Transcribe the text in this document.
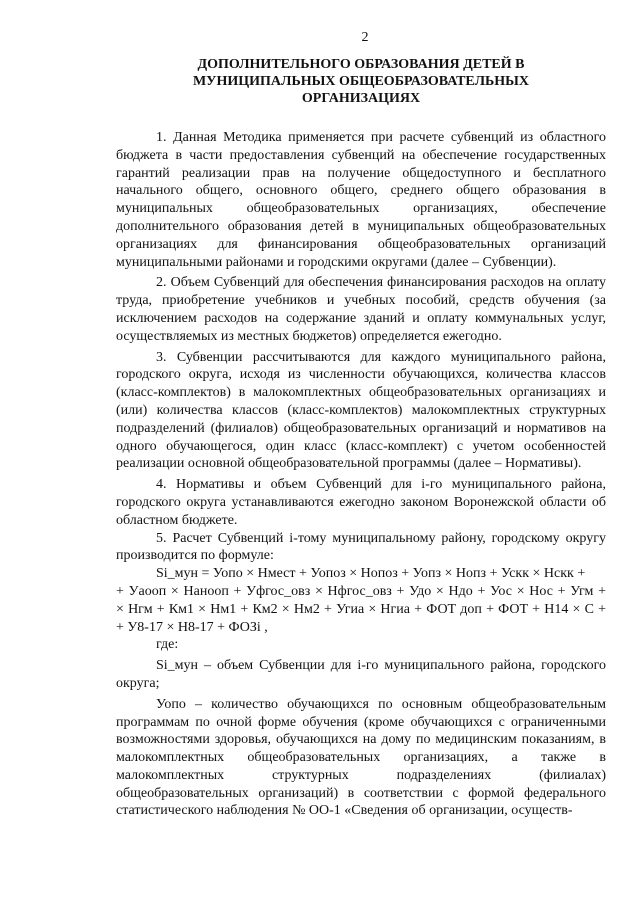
2
ДОПОЛНИТЕЛЬНОГО ОБРАЗОВАНИЯ ДЕТЕЙ В
МУНИЦИПАЛЬНЫХ ОБЩЕОБРАЗОВАТЕЛЬНЫХ
ОРГАНИЗАЦИЯХ

1. Данная Методика применяется при расчете субвенций из областного бюджета в части предоставления субвенций на обеспечение государственных гарантий реализации прав на получение общедоступного и бесплатного начального общего, основного общего, среднего общего образования в муниципальных общеобразовательных организациях, обеспечение дополнительного образования детей в муниципальных общеобразовательных организациях для финансирования общеобразовательных организаций муниципальными районами и городскими округами (далее – Субвенции).

2. Объем Субвенций для обеспечения финансирования расходов на оплату труда, приобретение учебников и учебных пособий, средств обучения (за исключением расходов на содержание зданий и оплату коммунальных услуг, осуществляемых из местных бюджетов) определяется ежегодно.

3. Субвенции рассчитываются для каждого муниципального района, городского округа, исходя из численности обучающихся, количества классов (класс-комплектов) в малокомплектных общеобразовательных организациях и (или) количества классов (класс-комплектов) малокомплектных структурных подразделений (филиалов) общеобразовательных организаций и нормативов на одного обучающегося, один класс (класс-комплект) с учетом особенностей реализации основной общеобразовательной программы (далее – Нормативы).

4. Нормативы и объем Субвенций для i-го муниципального района, городского округа устанавливаются ежегодно законом Воронежской области об областном бюджете.

5. Расчет Субвенций i-тому муниципальному району, городскому округу производится по формуле:

Si_мун = Уопо × Нмест + Уопоз × Нопоз + Уопз × Нопз + Ускк × Нскк +

+ Уаооп × Нанооп + Уфгос_овз × Нфгос_овз + Удо × Ндо + Уос × Нос + Угм +

× Нгм + Км1 × Нм1 + Км2 × Нм2 + Угиа × Нгиа + ФОТ доп + ФОТ + Н14 × С +

+ У8-17 × Н8-17 + ФОЗi ,

где:

Si_мун – объем Субвенции для i-го муниципального района, городского округа;

Уопо – количество обучающихся по основным общеобразовательным программам по очной форме обучения (кроме обучающихся с ограниченными возможностями здоровья, обучающихся на дому по медицинским показаниям, в малокомплектных общеобразовательных организациях, а также в малокомплектных структурных подразделениях (филиалах) общеобразовательных организаций) в соответствии с формой федерального статистического наблюдения № ОО-1 «Сведения об организации, осуществ-
